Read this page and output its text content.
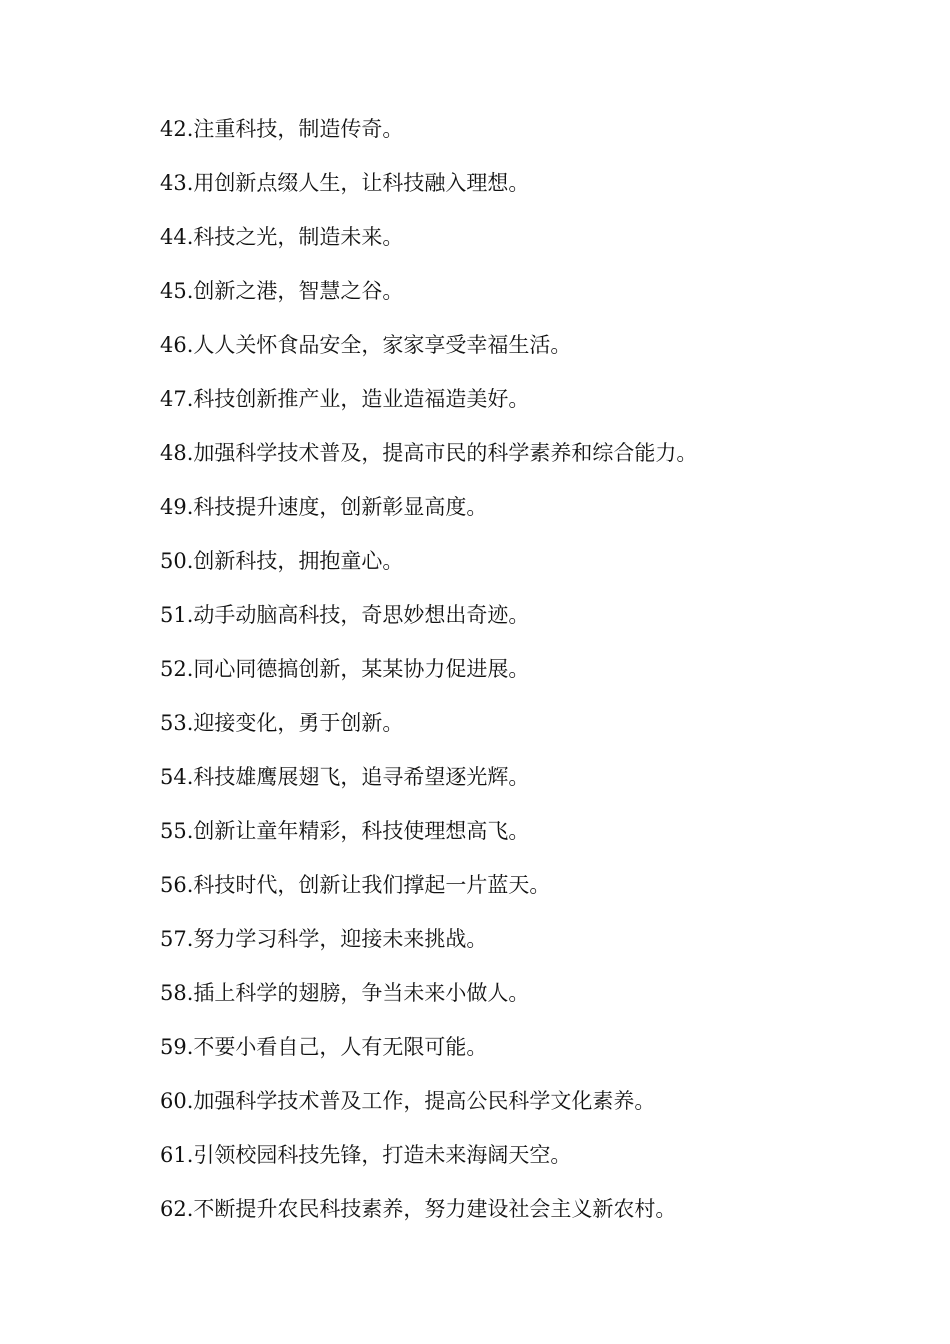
42.注重科技，制造传奇。
43.用创新点缀人生，让科技融入理想。
44.科技之光，制造未来。
45.创新之港，智慧之谷。
46.人人关怀食品安全，家家享受幸福生活。
47.科技创新推产业，造业造福造美好。
48.加强科学技术普及，提高市民的科学素养和综合能力。
49.科技提升速度，创新彰显高度。
50.创新科技，拥抱童心。
51.动手动脑高科技，奇思妙想出奇迹。
52.同心同德搞创新，某某协力促进展。
53.迎接变化，勇于创新。
54.科技雄鹰展翅飞，追寻希望逐光辉。
55.创新让童年精彩，科技使理想高飞。
56.科技时代，创新让我们撑起一片蓝天。
57.努力学习科学，迎接未来挑战。
58.插上科学的翅膀，争当未来小做人。
59.不要小看自己，人有无限可能。
60.加强科学技术普及工作，提高公民科学文化素养。
61.引领校园科技先锋，打造未来海阔天空。
62.不断提升农民科技素养，努力建设社会主义新农村。
